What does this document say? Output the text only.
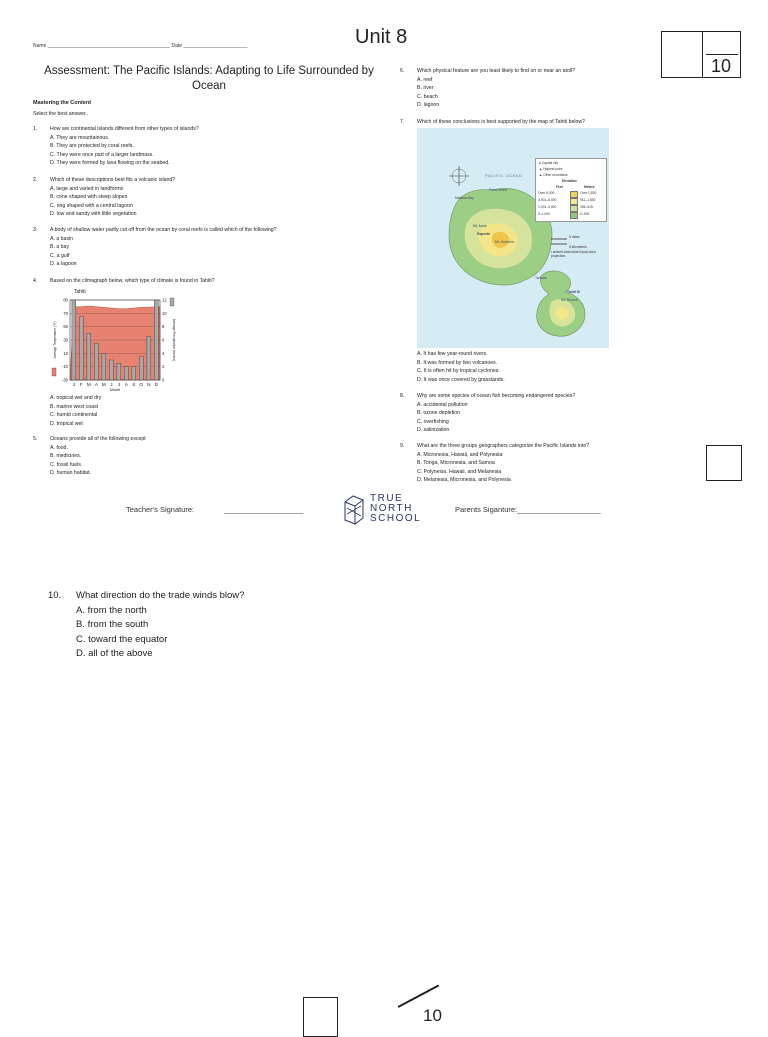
Name ____________________________________________ Date _______________________	Unit 8
10
Assessment: The Pacific Islands: Adapting to Life Surrounded by Ocean
Mastering the Content
Select the best answer..
1. How are continental islands different from other types of islands?
A. They are mountainous.
B. They are protected by coral reefs.
C. They were once part of a larger landmass.
D. They were formed by lava flowing on the seabed.
2. Which of these descriptions best fits a volcanic island?
A. large and varied in landforms
B. cone shaped with steep slopes
C. ring shaped with a central lagoon
D. low and sandy with little vegetation
3. A body of shallow water partly cut off from the ocean by coral reefs is called which of the following?
A. a basin
B. a bay
C. a gulf
D. a lagoon
4. Based on the climagraph below, which type of climate is found in Tahiti?
Tahiti
80
70
50
30
10
-10
-30
12
10
8
6
4
2
0
J F M A M J J A S O N D
Month
Average Temperature (°F)	Average Precipitation (inches)
A. tropical wet and dry
B. marine west coast
C. humid continental
D. tropical wet
5. Oceans provide all of the following except
A. food.
B. medicines.
C. fossil fuels.
D. human habitat.
6. Which physical feature are you least likely to find on or near an atoll?
A. reef
B. river
C. beach
D. lagoon
7. Which of these conclusions is best supported by the map of Tahiti below?
PACIFIC OCEAN
Point Venus
Matavai Bay
Papeete
Mt. Orohena
Mt. Aorai
Taravao
Mt. Roonui
Tahiti Iti
● Capital city
▲ Highest point
▲ Other mountains
Elevation
Feet	Meters
Over 6,000	Over 1,830
3,001–6,000	911–1,830
1,001–3,000	306–915
0–1,000	0–305
5 miles
5 kilometers
Lambert Azimuthal Equal-Area projection
A. It has few year-round rivers.
B. It was formed by two volcanoes.
C. It is often hit by tropical cyclones.
D. It was once covered by grasslands.
8. Why are some species of ocean fish becoming endangered species?
A. accidental pollution
B. ozone depletion
C. overfishing
D. salinization
9. What are the three groups geographers categorize the Pacific Islands into?
A. Micronesia, Hawaii, and Polynesia
B. Tonga, Micronesia, and Samoa
C. Polynesia, Hawaii, and Melanesia
D. Melanesia, Micronesia, and Polynesia
Teacher's Signature:	___________________
TRUE
NORTH
SCHOOL
Parents Siganture:____________________
10. What direction do the trade winds blow?
A. from the north
B. from the south
C. toward the equator
D. all of the above
10
